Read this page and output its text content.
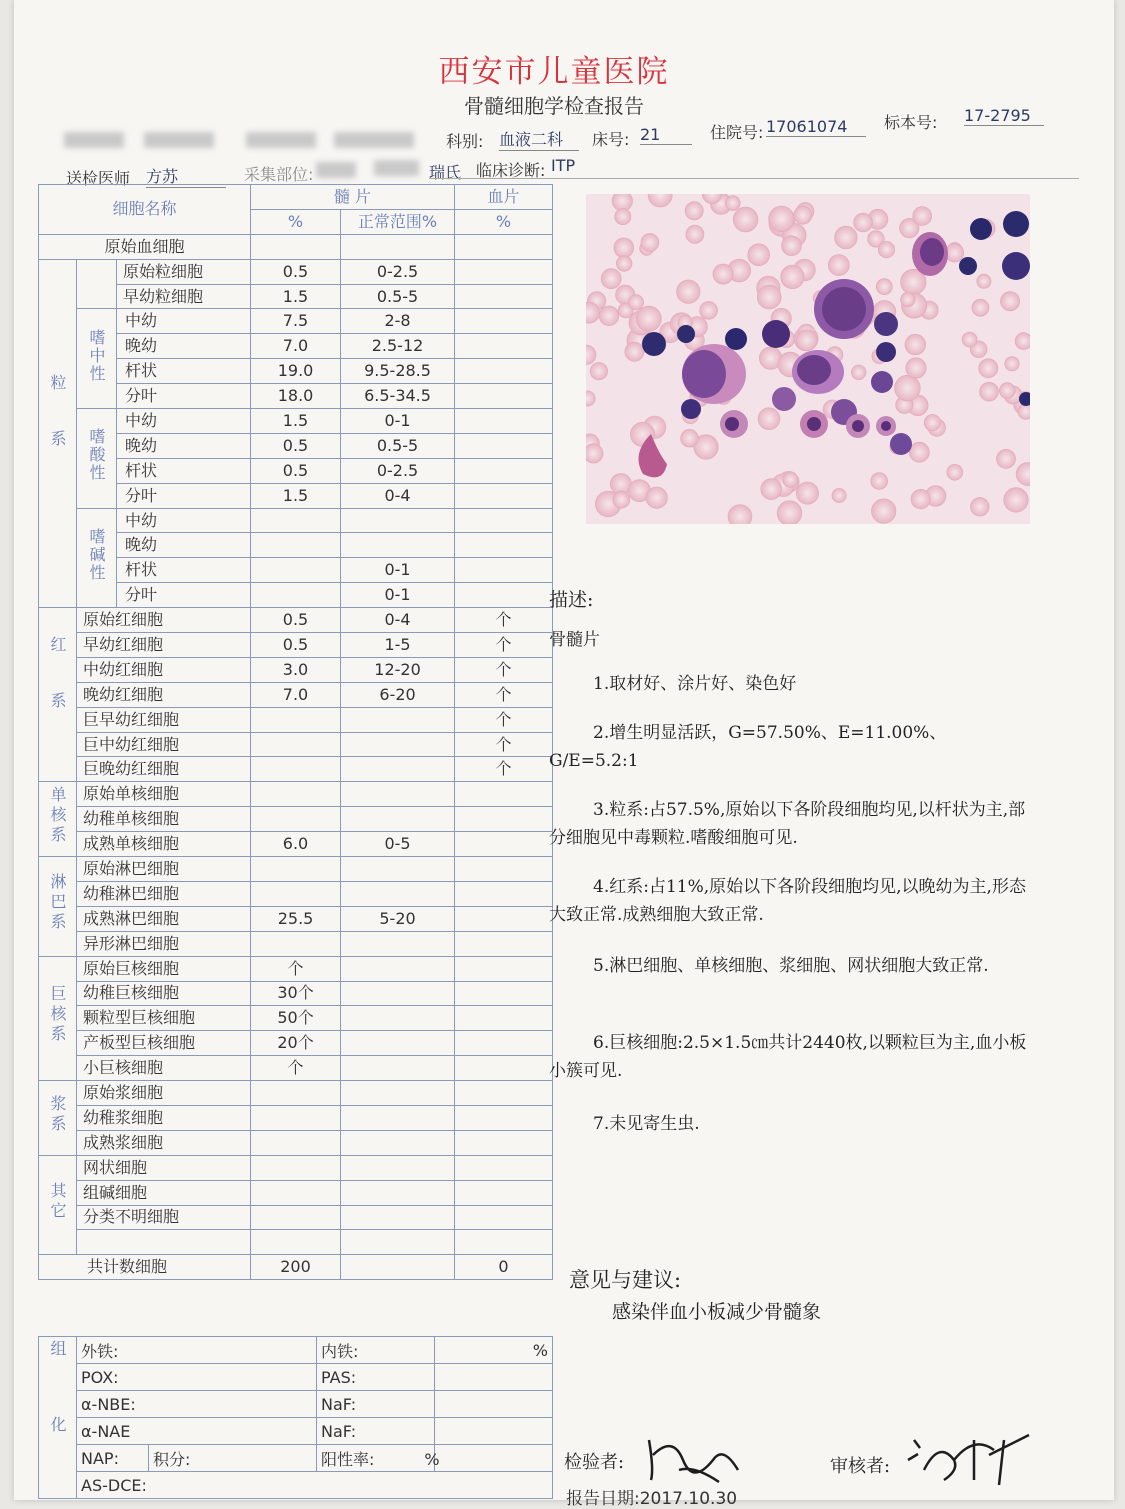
西安市儿童医院
骨髓细胞学检查报告
科别: 血液二科	床号: 21	住院号: 17061074	标本号: 17-2795
送检医师 方苏	采集部位:	瑞氏 临床诊断: ITP
细胞名称			髓 片		血片
			%	正常范围%	%
原始血细胞					
粒系		原始粒细胞	0.5	0-2.5	
		早幼粒细胞	1.5	0.5-5	
	嗜中性	中幼	7.5	2-8	
		晚幼	7.0	2.5-12	
		杆状	19.0	9.5-28.5	
		分叶	18.0	6.5-34.5	
	嗜酸性	中幼	1.5	0-1	
		晚幼	0.5	0.5-5	
		杆状	0.5	0-2.5	
		分叶	1.5	0-4	
	嗜碱性	中幼			
		晚幼			
		杆状		0-1	
		分叶		0-1	
红系	原始红细胞		0.5	0-4	个
	早幼红细胞		0.5	1-5	个
	中幼红细胞		3.0	12-20	个
	晚幼红细胞		7.0	6-20	个
	巨早幼红细胞				个
	巨中幼红细胞				个
	巨晚幼红细胞				个
单核系	原始单核细胞				
	幼稚单核细胞				
	成熟单核细胞		6.0	0-5	
淋巴系	原始淋巴细胞				
	幼稚淋巴细胞				
	成熟淋巴细胞		25.5	5-20	
	异形淋巴细胞				
巨核系	原始巨核细胞		个		
	幼稚巨核细胞		30个		
	颗粒型巨核细胞		50个		
	产板型巨核细胞		20个		
	小巨核细胞		个		
浆系	原始浆细胞				
	幼稚浆细胞				
	成熟浆细胞				
其它	网状细胞				
	组碱细胞				
	分类不明细胞				

共计数细胞			200		0
组化	外铁:		内铁:	%
	POX:		PAS:	
	α-NBE:		NaF:	
	α-NAE		NaF:	
	NAP:	积分:	阳性率: %	
	AS-DCE:			
描述:
骨髓片
1.取材好、涂片好、染色好
2.增生明显活跃，G=57.50%、E=11.00%、G/E=5.2:1
3.粒系:占57.5%,原始以下各阶段细胞均见,以杆状为主,部分细胞见中毒颗粒.嗜酸细胞可见.
4.红系:占11%,原始以下各阶段细胞均见,以晚幼为主,形态大致正常.成熟细胞大致正常.
5.淋巴细胞、单核细胞、浆细胞、网状细胞大致正常.
6.巨核细胞:2.5×1.5㎝共计2440枚,以颗粒巨为主,血小板小簇可见.
7.未见寄生虫.
意见与建议:
感染伴血小板减少骨髓象
检验者:	审核者:
报告日期:2017.10.30
